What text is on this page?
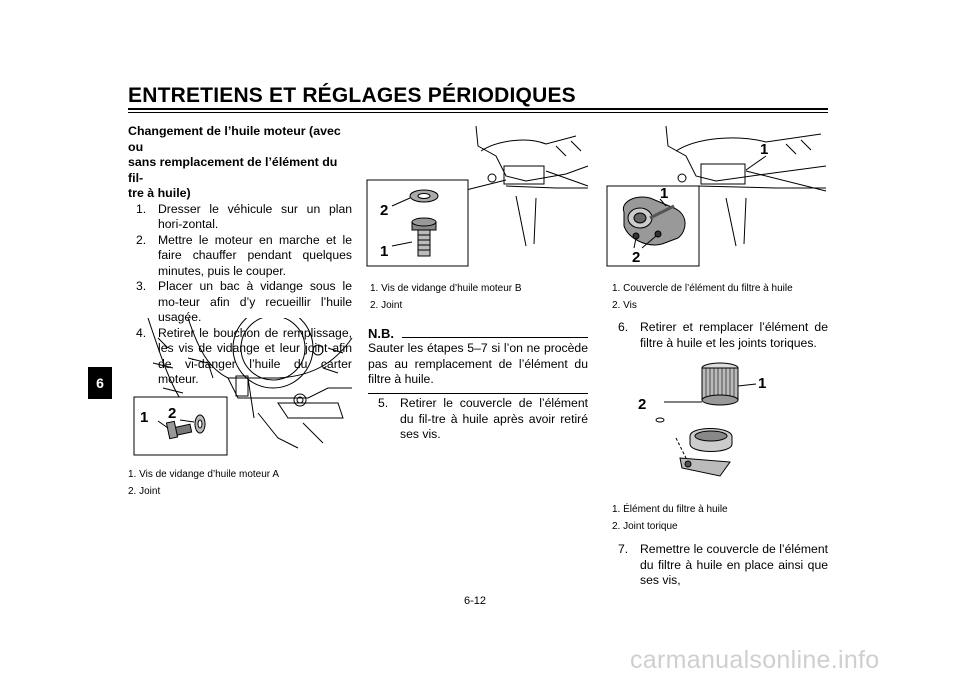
ENTRETIENS ET RÉGLAGES PÉRIODIQUES
6
Changement de l’huile moteur (avec ou
sans remplacement de l’élément du fil-
tre à huile)
1. Dresser le véhicule sur un plan hori-zontal.
2. Mettre le moteur en marche et le faire chauffer pendant quelques minutes, puis le couper.
3. Placer un bac à vidange sous le mo-teur afin d’y recueillir l’huile usagée.
4. Retirer le bouchon de remplissage, les vis de vidange et leur joint afin de vi-danger l’huile du carter moteur.
1 2
1. Vis de vidange d’huile moteur A
2. Joint
2
1
1. Vis de vidange d’huile moteur B
2. Joint
N.B.
Sauter les étapes 5–7 si l’on ne procède pas au remplacement de l’élément du filtre à huile.
5. Retirer le couvercle de l’élément du fil-tre à huile après avoir retiré ses vis.
1
1
2
1. Couvercle de l’élément du filtre à huile
2. Vis
6. Retirer et remplacer l’élément de filtre à huile et les joints toriques.
1
2
1. Élément du filtre à huile
2. Joint torique
7. Remettre le couvercle de l’élément du filtre à huile en place ainsi que ses vis,
6-12
carmanualsonline.info
